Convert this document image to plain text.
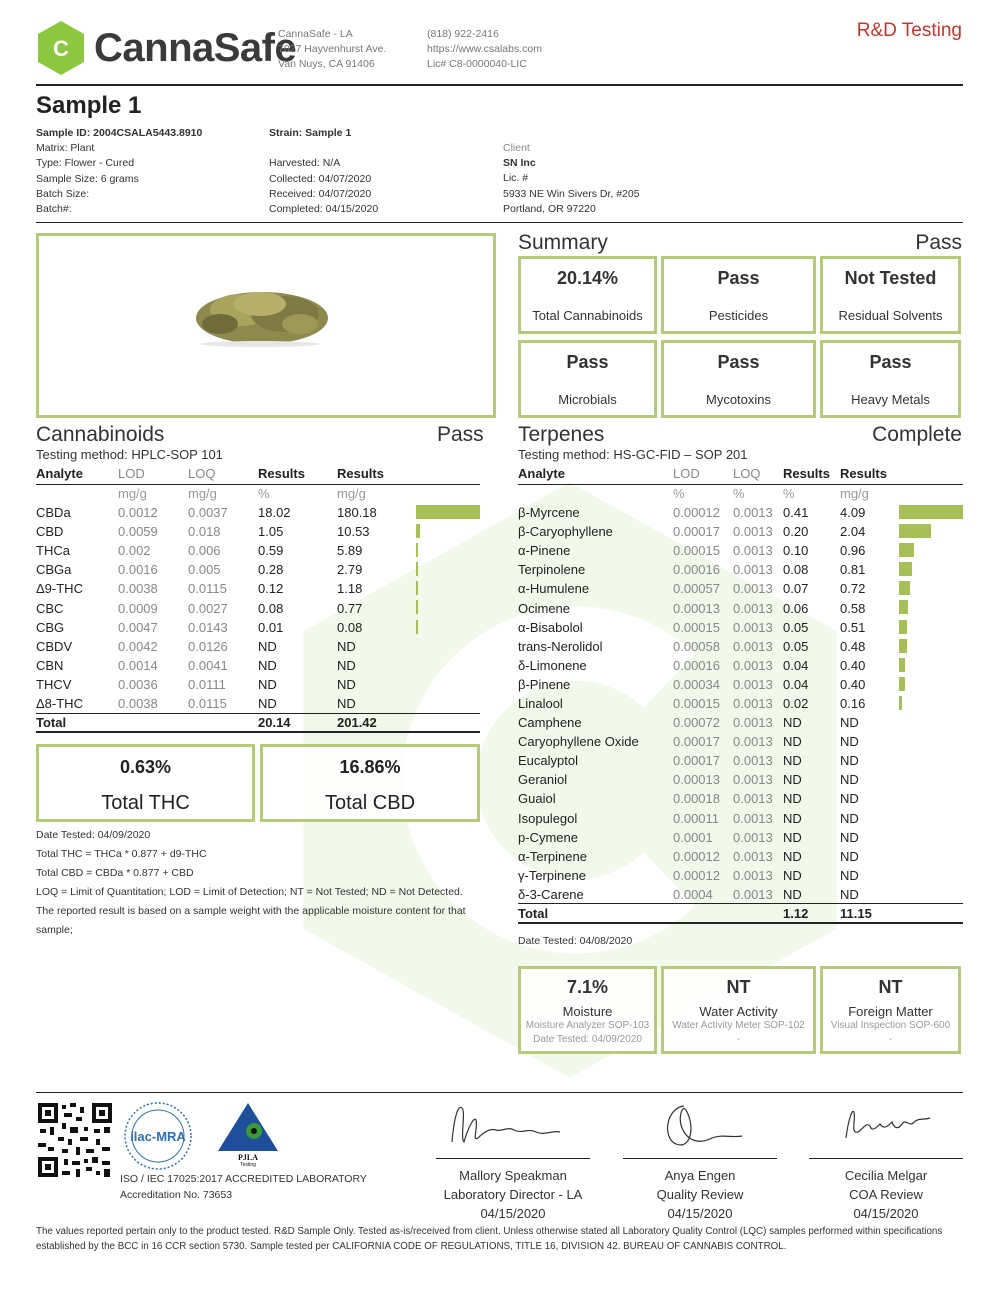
C CannaSafe
CannaSafe - LA
7027 Hayvenhurst Ave.
Van Nuys, CA 91406
(818) 922-2416
https://www.csalabs.com
Lic# C8-0000040-LIC
R&D Testing
Sample 1
Sample ID: 2004CSALA5443.8910
Matrix: Plant
Type: Flower - Cured
Sample Size: 6 grams
Batch Size:
Batch#:
Strain: Sample 1

Harvested: N/A
Collected: 04/07/2020
Received: 04/07/2020
Completed: 04/15/2020
Client
SN Inc
Lic. #
5933 NE Win Sivers Dr, #205
Portland, OR 97220
Summary	Pass
20.14%
Total Cannabinoids
Pass
Pesticides
Not Tested
Residual Solvents
Pass
Microbials
Pass
Mycotoxins
Pass
Heavy Metals
Cannabinoids	Pass
Testing method: HPLC-SOP 101
Analyte	LOD	LOQ	Results	Results
	mg/g	mg/g	%	mg/g
CBDa	0.0012	0.0037	18.02	180.18
CBD	0.0059	0.018	1.05	10.53
THCa	0.002	0.006	0.59	5.89
CBGa	0.0016	0.005	0.28	2.79
Δ9-THC	0.0038	0.0115	0.12	1.18
CBC	0.0009	0.0027	0.08	0.77
CBG	0.0047	0.0143	0.01	0.08
CBDV	0.0042	0.0126	ND	ND
CBN	0.0014	0.0041	ND	ND
THCV	0.0036	0.0111	ND	ND
Δ8-THC	0.0038	0.0115	ND	ND
Total			20.14	201.42
0.63%
Total THC
16.86%
Total CBD
Date Tested: 04/09/2020
Total THC = THCa * 0.877 + d9-THC
Total CBD = CBDa * 0.877 + CBD
LOQ = Limit of Quantitation; LOD = Limit of Detection; NT = Not Tested; ND = Not Detected.
The reported result is based on a sample weight with the applicable moisture content for that
sample;
Terpenes	Complete
Testing method: HS-GC-FID – SOP 201
Analyte	LOD	LOQ	Results	Results
	%	%	%	mg/g
β-Myrcene	0.00012	0.0013	0.41	4.09
β-Caryophyllene	0.00017	0.0013	0.20	2.04
α-Pinene	0.00015	0.0013	0.10	0.96
Terpinolene	0.00016	0.0013	0.08	0.81
α-Humulene	0.00057	0.0013	0.07	0.72
Ocimene	0.00013	0.0013	0.06	0.58
α-Bisabolol	0.00015	0.0013	0.05	0.51
trans-Nerolidol	0.00058	0.0013	0.05	0.48
δ-Limonene	0.00016	0.0013	0.04	0.40
β-Pinene	0.00034	0.0013	0.04	0.40
Linalool	0.00015	0.0013	0.02	0.16
Camphene	0.00072	0.0013	ND	ND
Caryophyllene Oxide	0.00017	0.0013	ND	ND
Eucalyptol	0.00017	0.0013	ND	ND
Geraniol	0.00013	0.0013	ND	ND
Guaiol	0.00018	0.0013	ND	ND
Isopulegol	0.00011	0.0013	ND	ND
p-Cymene	0.0001	0.0013	ND	ND
α-Terpinene	0.00012	0.0013	ND	ND
γ-Terpinene	0.00012	0.0013	ND	ND
δ-3-Carene	0.0004	0.0013	ND	ND
Total			1.12	11.15
Date Tested: 04/08/2020
7.1%
Moisture
Moisture Analyzer SOP-103
Date Tested: 04/09/2020
NT
Water Activity
Water Activity Meter SOP-102
-
NT
Foreign Matter
Visual Inspection SOP-600
-
ilac-MRA
PJLA
Testing
ISO / IEC 17025:2017 ACCREDITED LABORATORY
Accreditation No. 73653
Mallory Speakman
Laboratory Director - LA
04/15/2020
Anya Engen
Quality Review
04/15/2020
Cecilia Melgar
COA Review
04/15/2020
The values reported pertain only to the product tested. R&D Sample Only. Tested as-is/received from client. Unless otherwise stated all Laboratory Quality Control (LQC) samples performed within specifications established by the BCC in 16 CCR section 5730. Sample tested per CALIFORNIA CODE OF REGULATIONS, TITLE 16, DIVISION 42. BUREAU OF CANNABIS CONTROL.
